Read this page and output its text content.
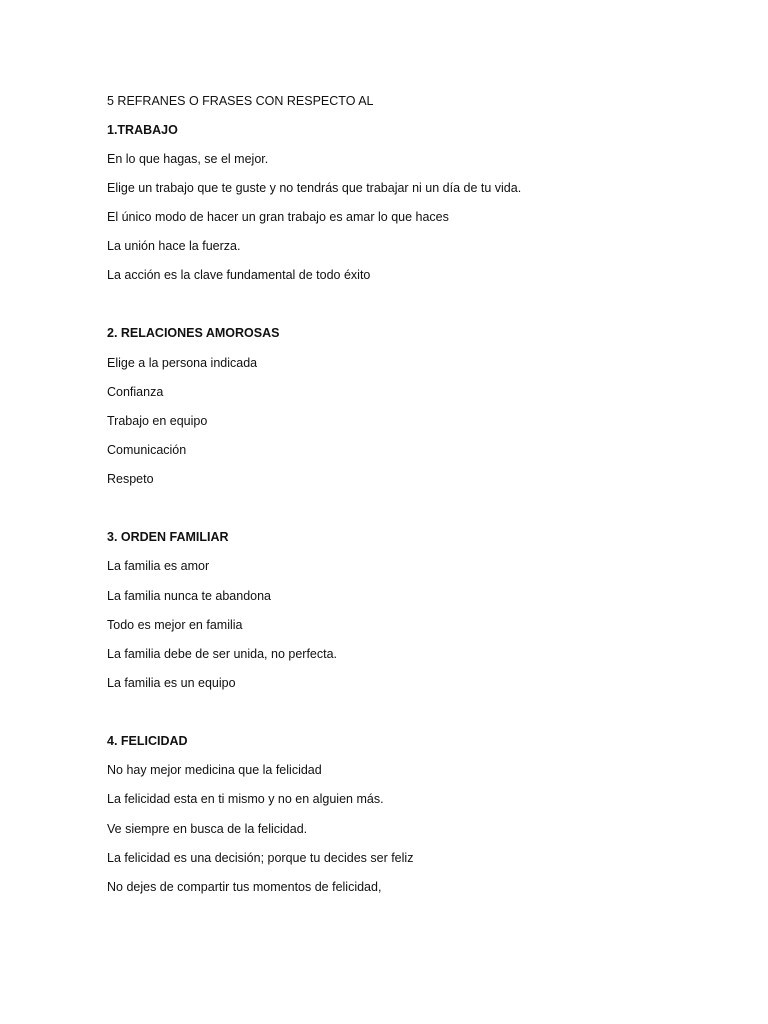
5 REFRANES O FRASES CON RESPECTO AL
1.TRABAJO
En lo que hagas, se el mejor.
Elige un trabajo que te guste y no tendrás que trabajar ni un día de tu vida.
El único modo de hacer un gran trabajo es amar lo que haces
La unión hace la fuerza.
La acción es la clave fundamental de todo éxito
2. RELACIONES AMOROSAS
Elige a la persona indicada
Confianza
Trabajo en equipo
Comunicación
Respeto
3. ORDEN FAMILIAR
La familia es amor
La familia nunca te abandona
Todo es mejor en familia
La familia debe de ser unida, no perfecta.
La familia es un equipo
4. FELICIDAD
No hay mejor medicina que la felicidad
La felicidad esta en ti mismo y no en alguien más.
Ve siempre en busca de la felicidad.
La felicidad es una decisión; porque tu decides ser feliz
No dejes de compartir tus momentos de felicidad,
